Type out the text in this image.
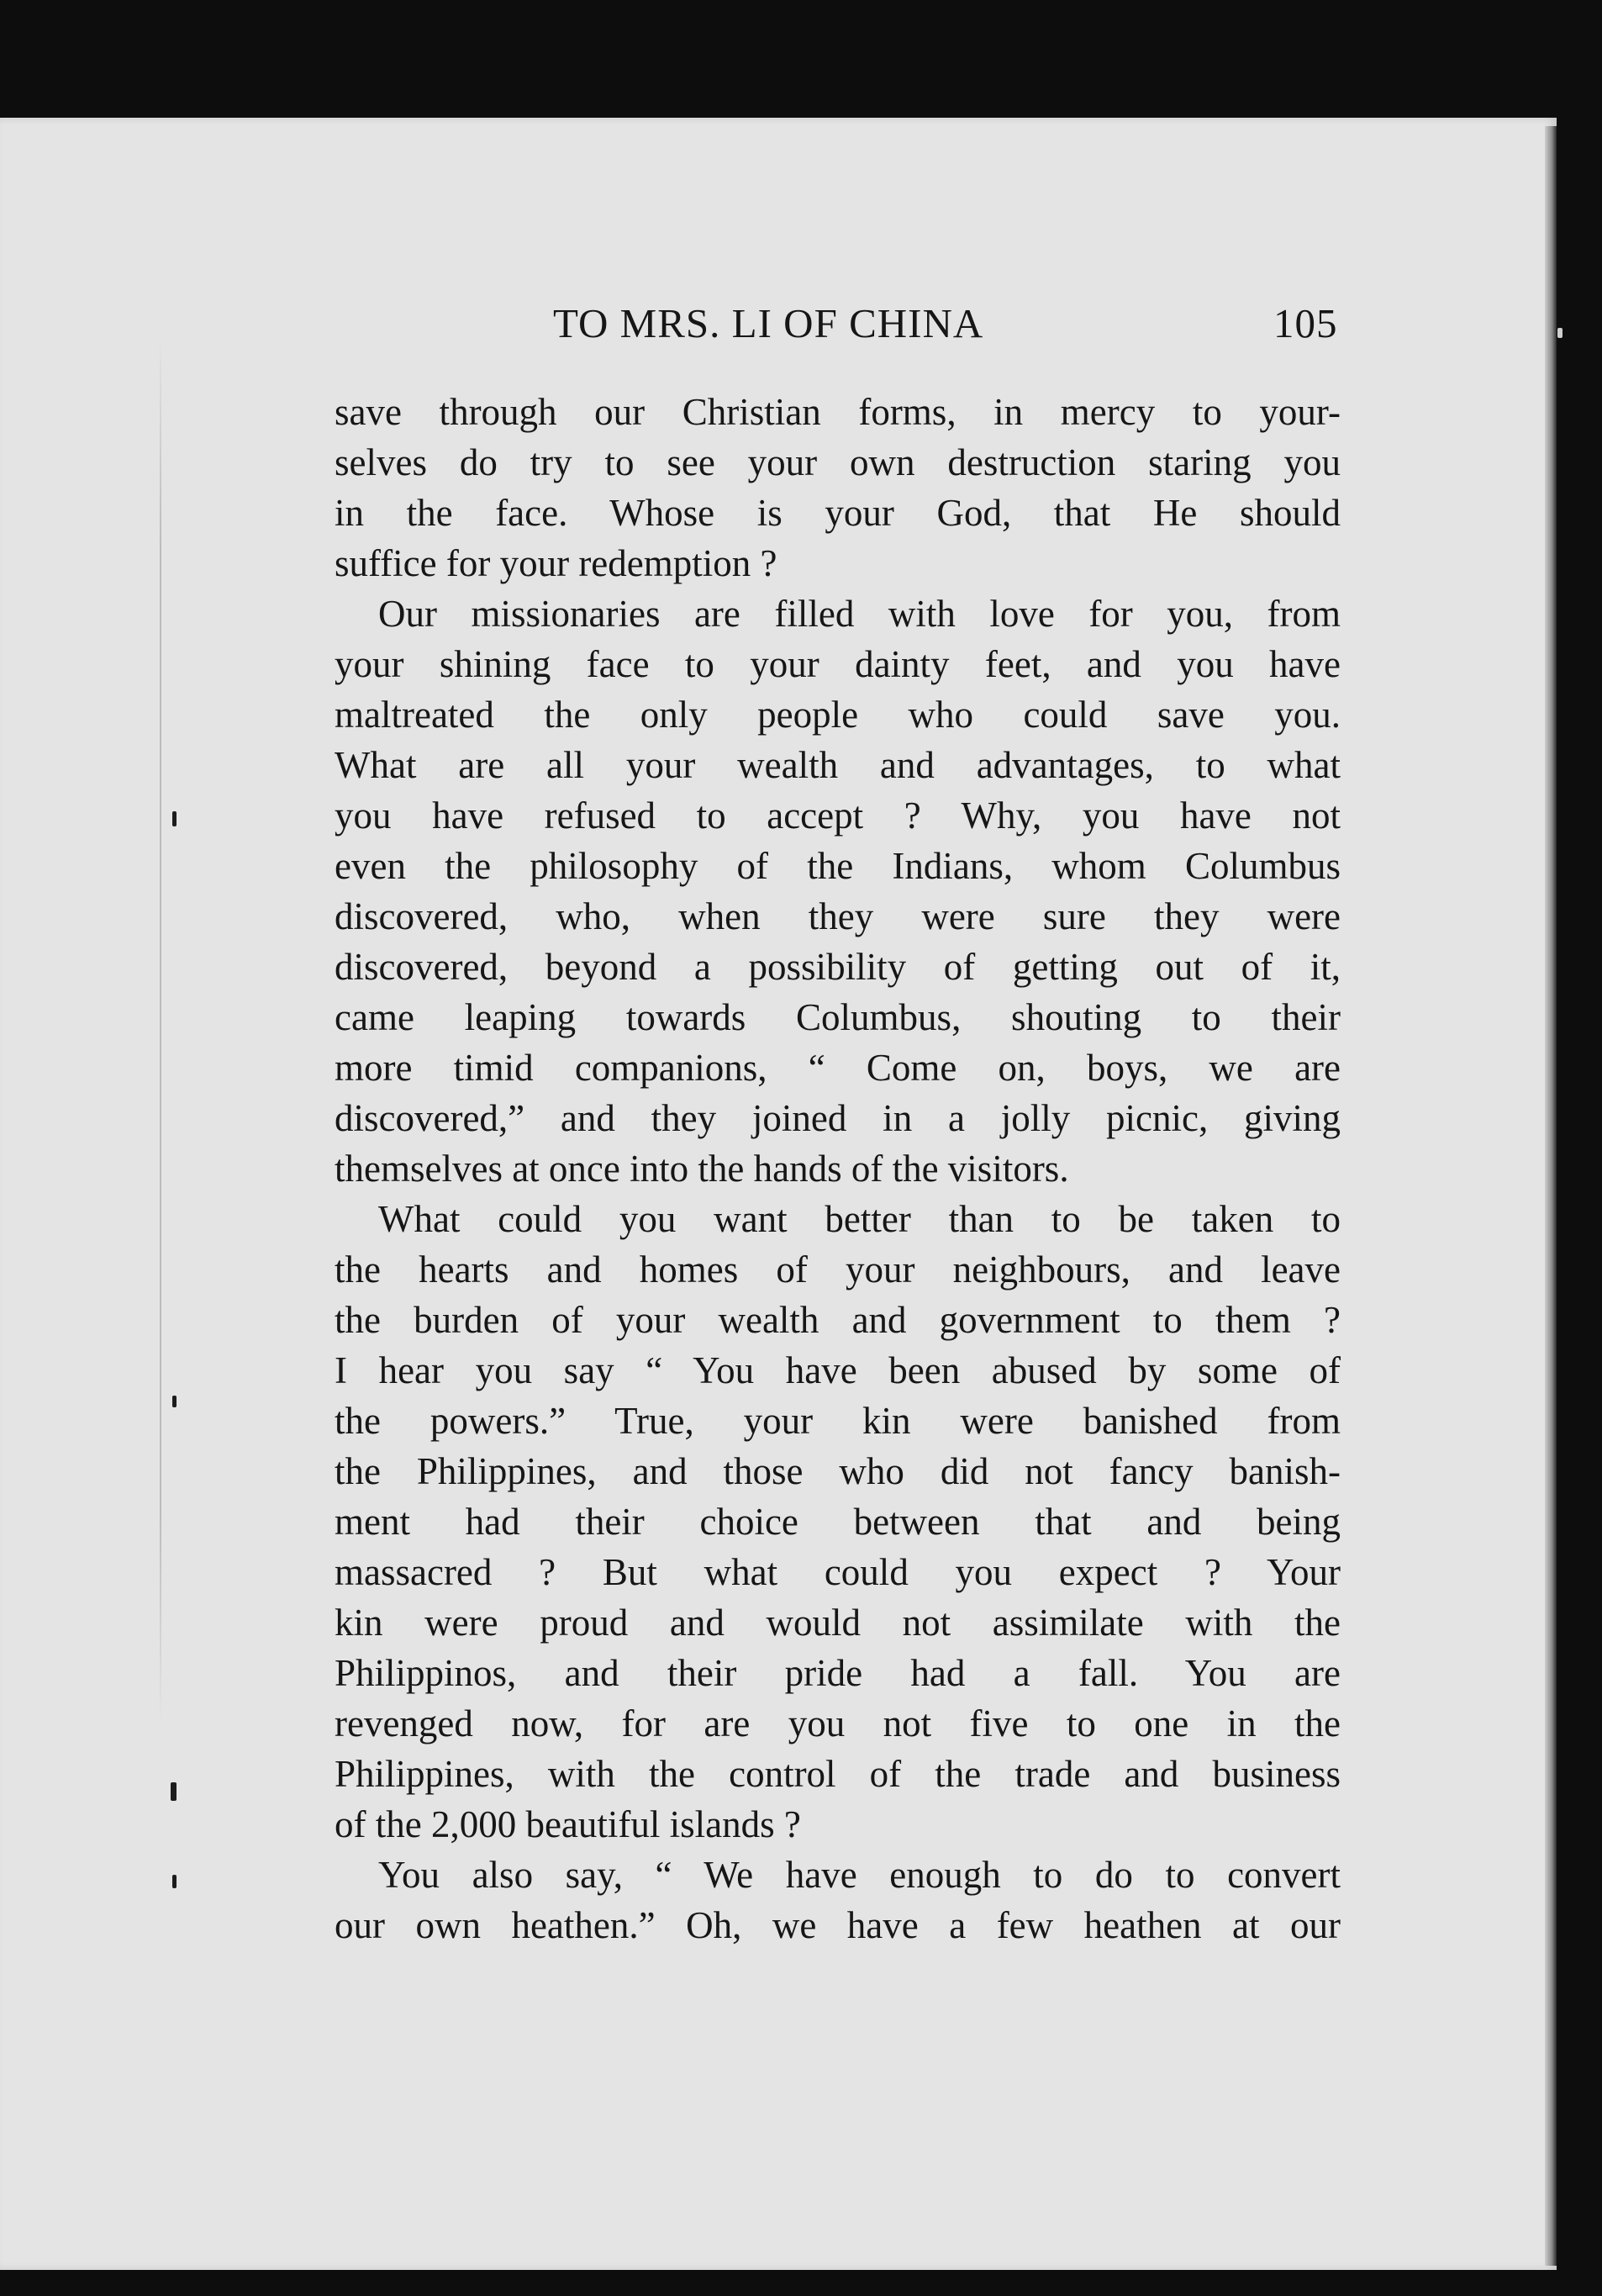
TO MRS. LI OF CHINA	105
save through our Christian forms, in mercy to your-
selves do try to see your own destruction staring you
in the face. Whose is your God, that He should
suffice for your redemption ?
Our missionaries are filled with love for you, from
your shining face to your dainty feet, and you have
maltreated the only people who could save you.
What are all your wealth and advantages, to what
you have refused to accept ? Why, you have not
even the philosophy of the Indians, whom Columbus
discovered, who, when they were sure they were
discovered, beyond a possibility of getting out of it,
came leaping towards Columbus, shouting to their
more timid companions, “ Come on, boys, we are
discovered,” and they joined in a jolly picnic, giving
themselves at once into the hands of the visitors.
What could you want better than to be taken to
the hearts and homes of your neighbours, and leave
the burden of your wealth and government to them ?
I hear you say “ You have been abused by some of
the powers.” True, your kin were banished from
the Philippines, and those who did not fancy banish-
ment had their choice between that and being
massacred ? But what could you expect ? Your
kin were proud and would not assimilate with the
Philippinos, and their pride had a fall. You are
revenged now, for are you not five to one in the
Philippines, with the control of the trade and business
of the 2,000 beautiful islands ?
You also say, “ We have enough to do to convert
our own heathen.” Oh, we have a few heathen at our
